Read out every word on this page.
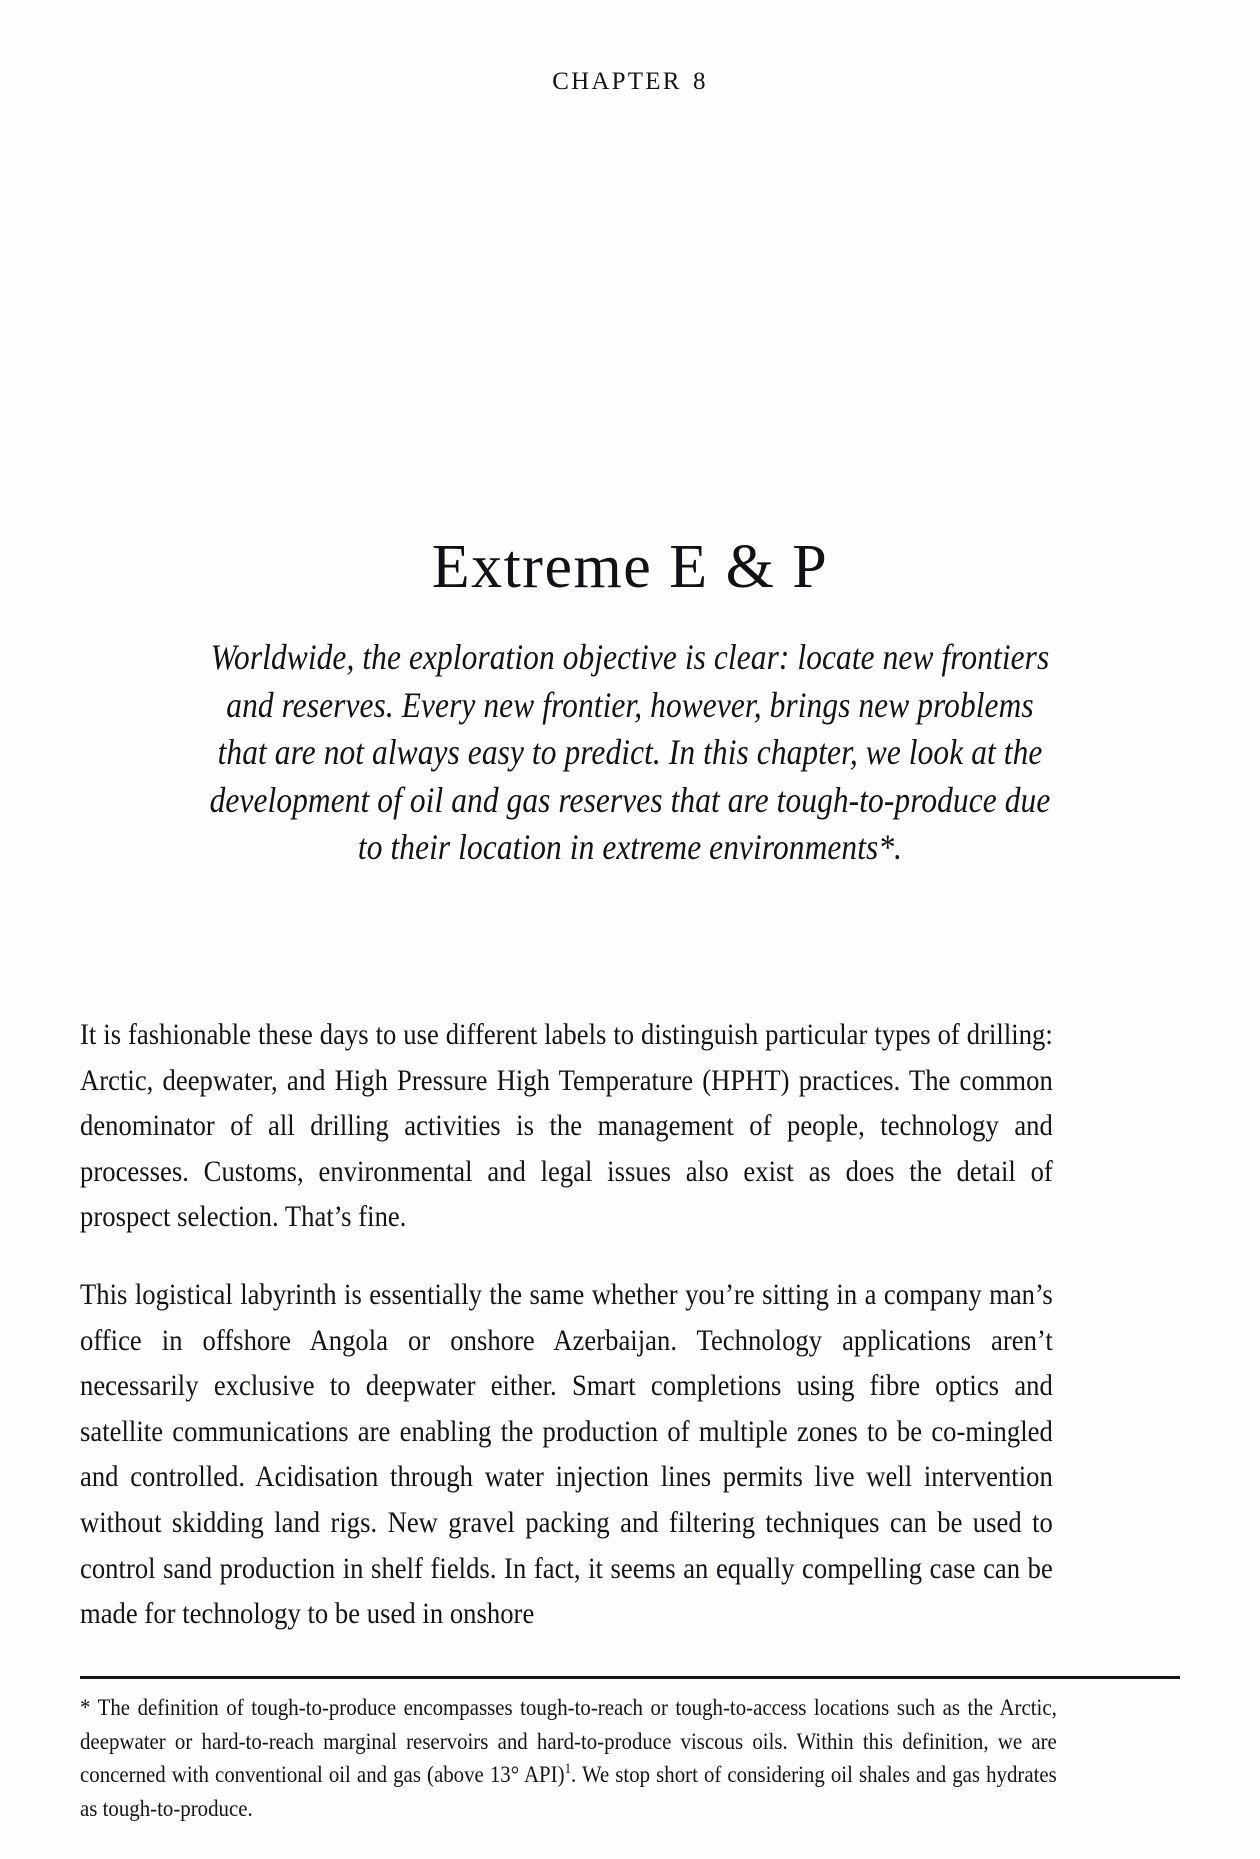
CHAPTER 8
Extreme E & P
Worldwide, the exploration objective is clear: locate new frontiers
and reserves. Every new frontier, however, brings new problems
that are not always easy to predict. In this chapter, we look at the
development of oil and gas reserves that are tough-to-produce due
to their location in extreme environments*.

It is fashionable these days to use different labels to distinguish particular types of drilling: Arctic, deepwater, and High Pressure High Temperature (HPHT) practices. The common denominator of all drilling activities is the management of people, technology and processes. Customs, environmental and legal issues also exist as does the detail of prospect selection. That’s fine.

This logistical labyrinth is essentially the same whether you’re sitting in a company man’s office in offshore Angola or onshore Azerbaijan. Technology applications aren’t necessarily exclusive to deepwater either. Smart completions using fibre optics and satellite communications are enabling the production of multiple zones to be co-mingled and controlled. Acidisation through water injection lines permits live well intervention without skidding land rigs. New gravel packing and filtering techniques can be used to control sand production in shelf fields. In fact, it seems an equally compelling case can be made for technology to be used in onshore

* The definition of tough-to-produce encompasses tough-to-reach or tough-to-access locations such as the Arctic, deepwater or hard-to-reach marginal reservoirs and hard-to-produce viscous oils. Within this definition, we are concerned with conventional oil and gas (above 13° API)$^1$. We stop short of considering oil shales and gas hydrates as tough-to-produce.
